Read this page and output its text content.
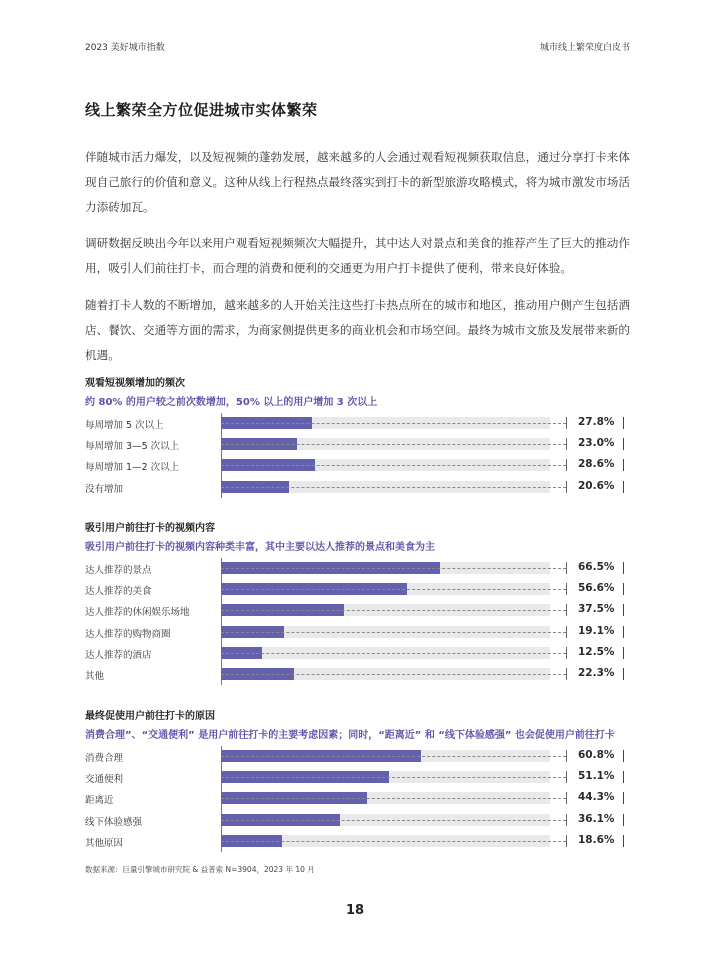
2023 美好城市指数	城市线上繁荣度白皮书
线上繁荣全方位促进城市实体繁荣
伴随城市活力爆发，以及短视频的蓬勃发展，越来越多的人会通过观看短视频获取信息，通过分享打卡来体现自己旅行的价值和意义。这种从线上行程热点最终落实到打卡的新型旅游攻略模式，将为城市激发市场活力添砖加瓦。
调研数据反映出今年以来用户观看短视频频次大幅提升，其中达人对景点和美食的推荐产生了巨大的推动作用，吸引人们前往打卡，而合理的消费和便利的交通更为用户打卡提供了便利，带来良好体验。
随着打卡人数的不断增加，越来越多的人开始关注这些打卡热点所在的城市和地区，推动用户侧产生包括酒店、餐饮、交通等方面的需求，为商家侧提供更多的商业机会和市场空间。最终为城市文旅及发展带来新的机遇。
观看短视频增加的频次
约 80% 的用户较之前次数增加，50% 以上的用户增加 3 次以上
每周增加 5 次以上	27.8%
每周增加 3—5 次以上	23.0%
每周增加 1—2 次以上	28.6%
没有增加	20.6%
吸引用户前往打卡的视频内容
吸引用户前往打卡的视频内容种类丰富，其中主要以达人推荐的景点和美食为主
达人推荐的景点	66.5%
达人推荐的美食	56.6%
达人推荐的休闲娱乐场地	37.5%
达人推荐的购物商圈	19.1%
达人推荐的酒店	12.5%
其他	22.3%
最终促使用户前往打卡的原因
消费合理”、“交通便利” 是用户前往打卡的主要考虑因素；同时，“距离近” 和 “线下体验感强” 也会促使用户前往打卡
消费合理	60.8%
交通便利	51.1%
距离近	44.3%
线下体验感强	36.1%
其他原因	18.6%
数据来源：巨量引擎城市研究院 & 益普索 N=3904，2023 年 10 月
18
